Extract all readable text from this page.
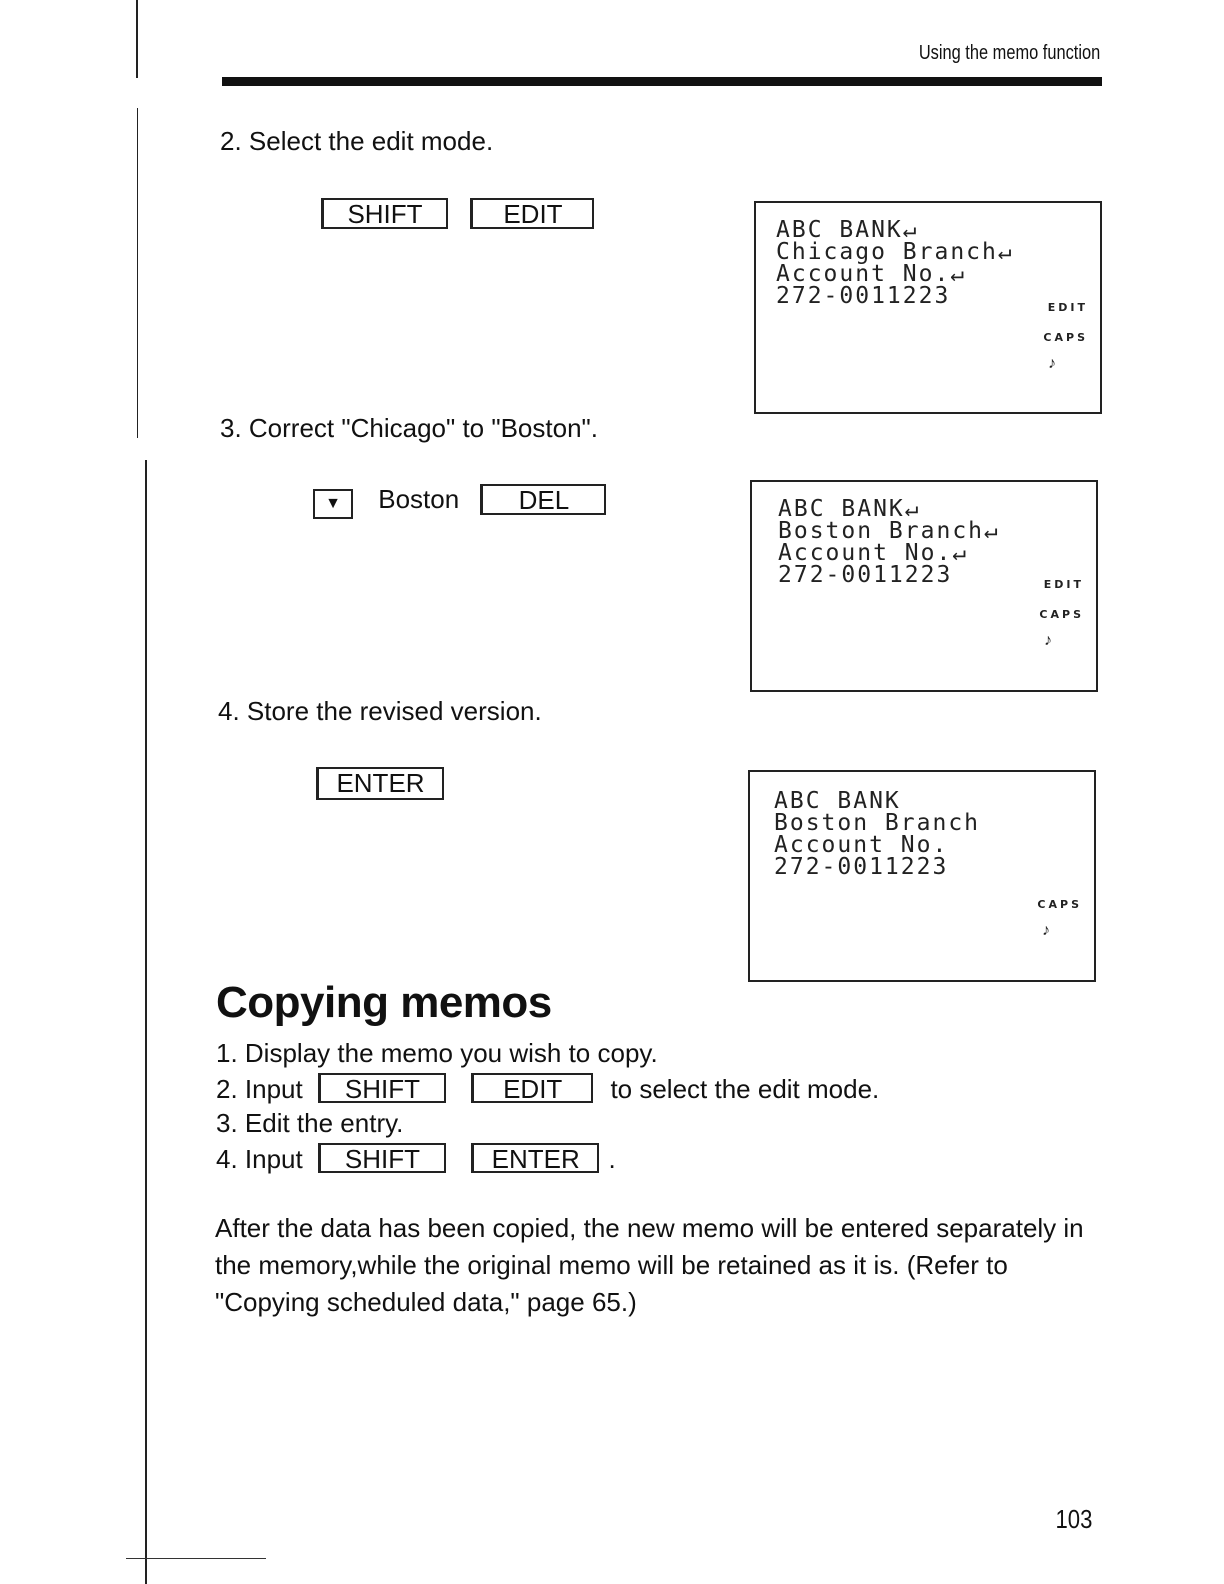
Using the memo function
2. Select the edit mode.
SHIFT	EDIT
ABC BANK↵
Chicago Branch↵
Account No.↵
272-0011223	EDIT
CAPS
♪
3. Correct "Chicago" to "Boston".
▼ Boston DEL	ABC BANK↵
Boston Branch↵
Account No.↵
272-0011223	EDIT
CAPS
♪
4. Store the revised version.
ENTER
ABC BANK
Boston Branch
Account No.
272-0011223
CAPS
♪
Copying memos
1. Display the memo you wish to copy.
2. Input SHIFT	EDIT to select the edit mode.
3. Edit the entry.
4. Input SHIFT	ENTER .
After the data has been copied, the new memo will be entered separately in the memory,while the original memo will be retained as it is. (Refer to "Copying scheduled data," page 65.)
103
